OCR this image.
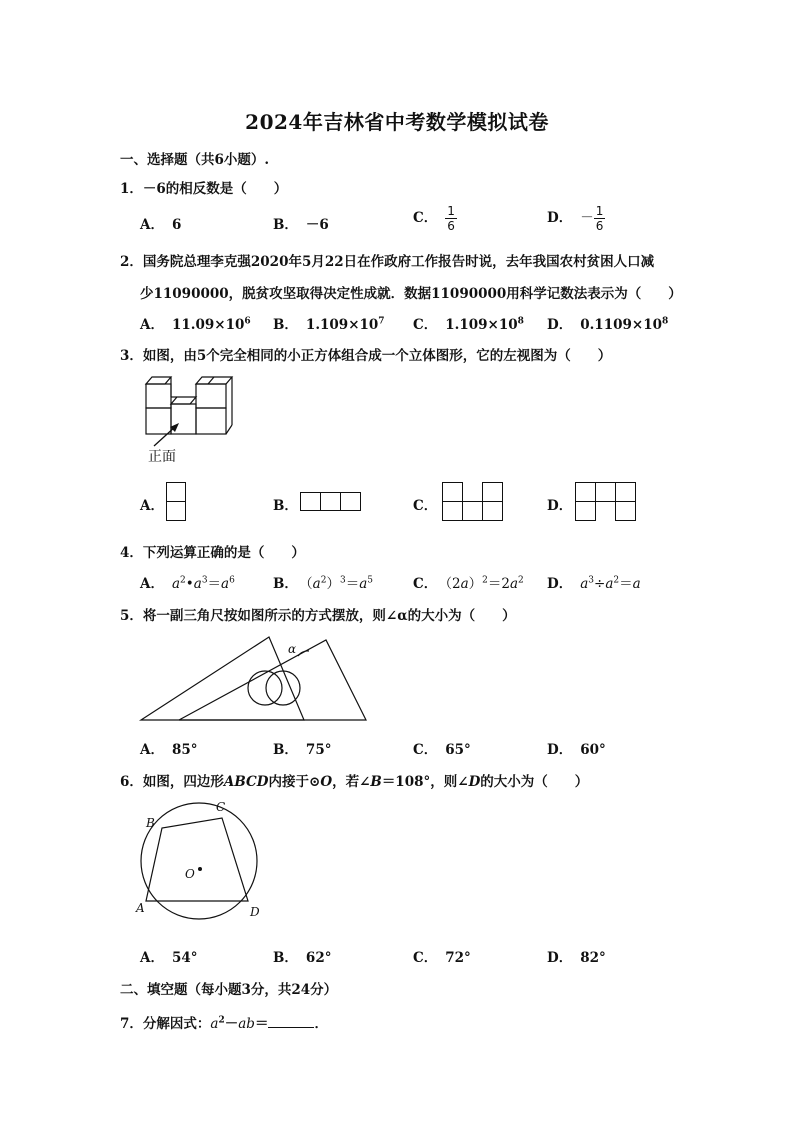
2024年吉林省中考数学模拟试卷
一、选择题（共6小题）.
1．－6的相反数是（　　）
A． 6	B． －6	C． $\frac{1}{6}$	D． － $\frac{1}{6}$
2．国务院总理李克强2020年5月22日在作政府工作报告时说，去年我国农村贫困人口减
少11090000，脱贫攻坚取得决定性成就．数据11090000用科学记数法表示为（　　）
A． $11.09\times 10^6$ B． $1.109\times 10^7$ C． $1.109\times 10^8$ D． $0.1109\times 10^8$
3．如图，由5个完全相同的小正方体组合成一个立体图形，它的左视图为（　　）
正面
A．	B．	C．	D．
4．下列运算正确的是（　　）
A． $a^2•a^3=a^6$	B． $(a^2)^3=a^5$	C． $(2a)^2=2a^2$ D． $a^3\div a^2=a$
5．将一副三角尺按如图所示的方式摆放，则∠α的大小为（　　）
α
A． 85°	B． 75°	C． 65°	D． 60°
6．如图，四边形ABCD内接于⊙O，若∠B＝108°，则∠D的大小为（　　）
A
B
C
D
O
A． 54°	B． 62°	C． 72°	D． 82°
二、填空题（每小题3分，共24分）
7．分解因式：$a^2-ab=$	．
